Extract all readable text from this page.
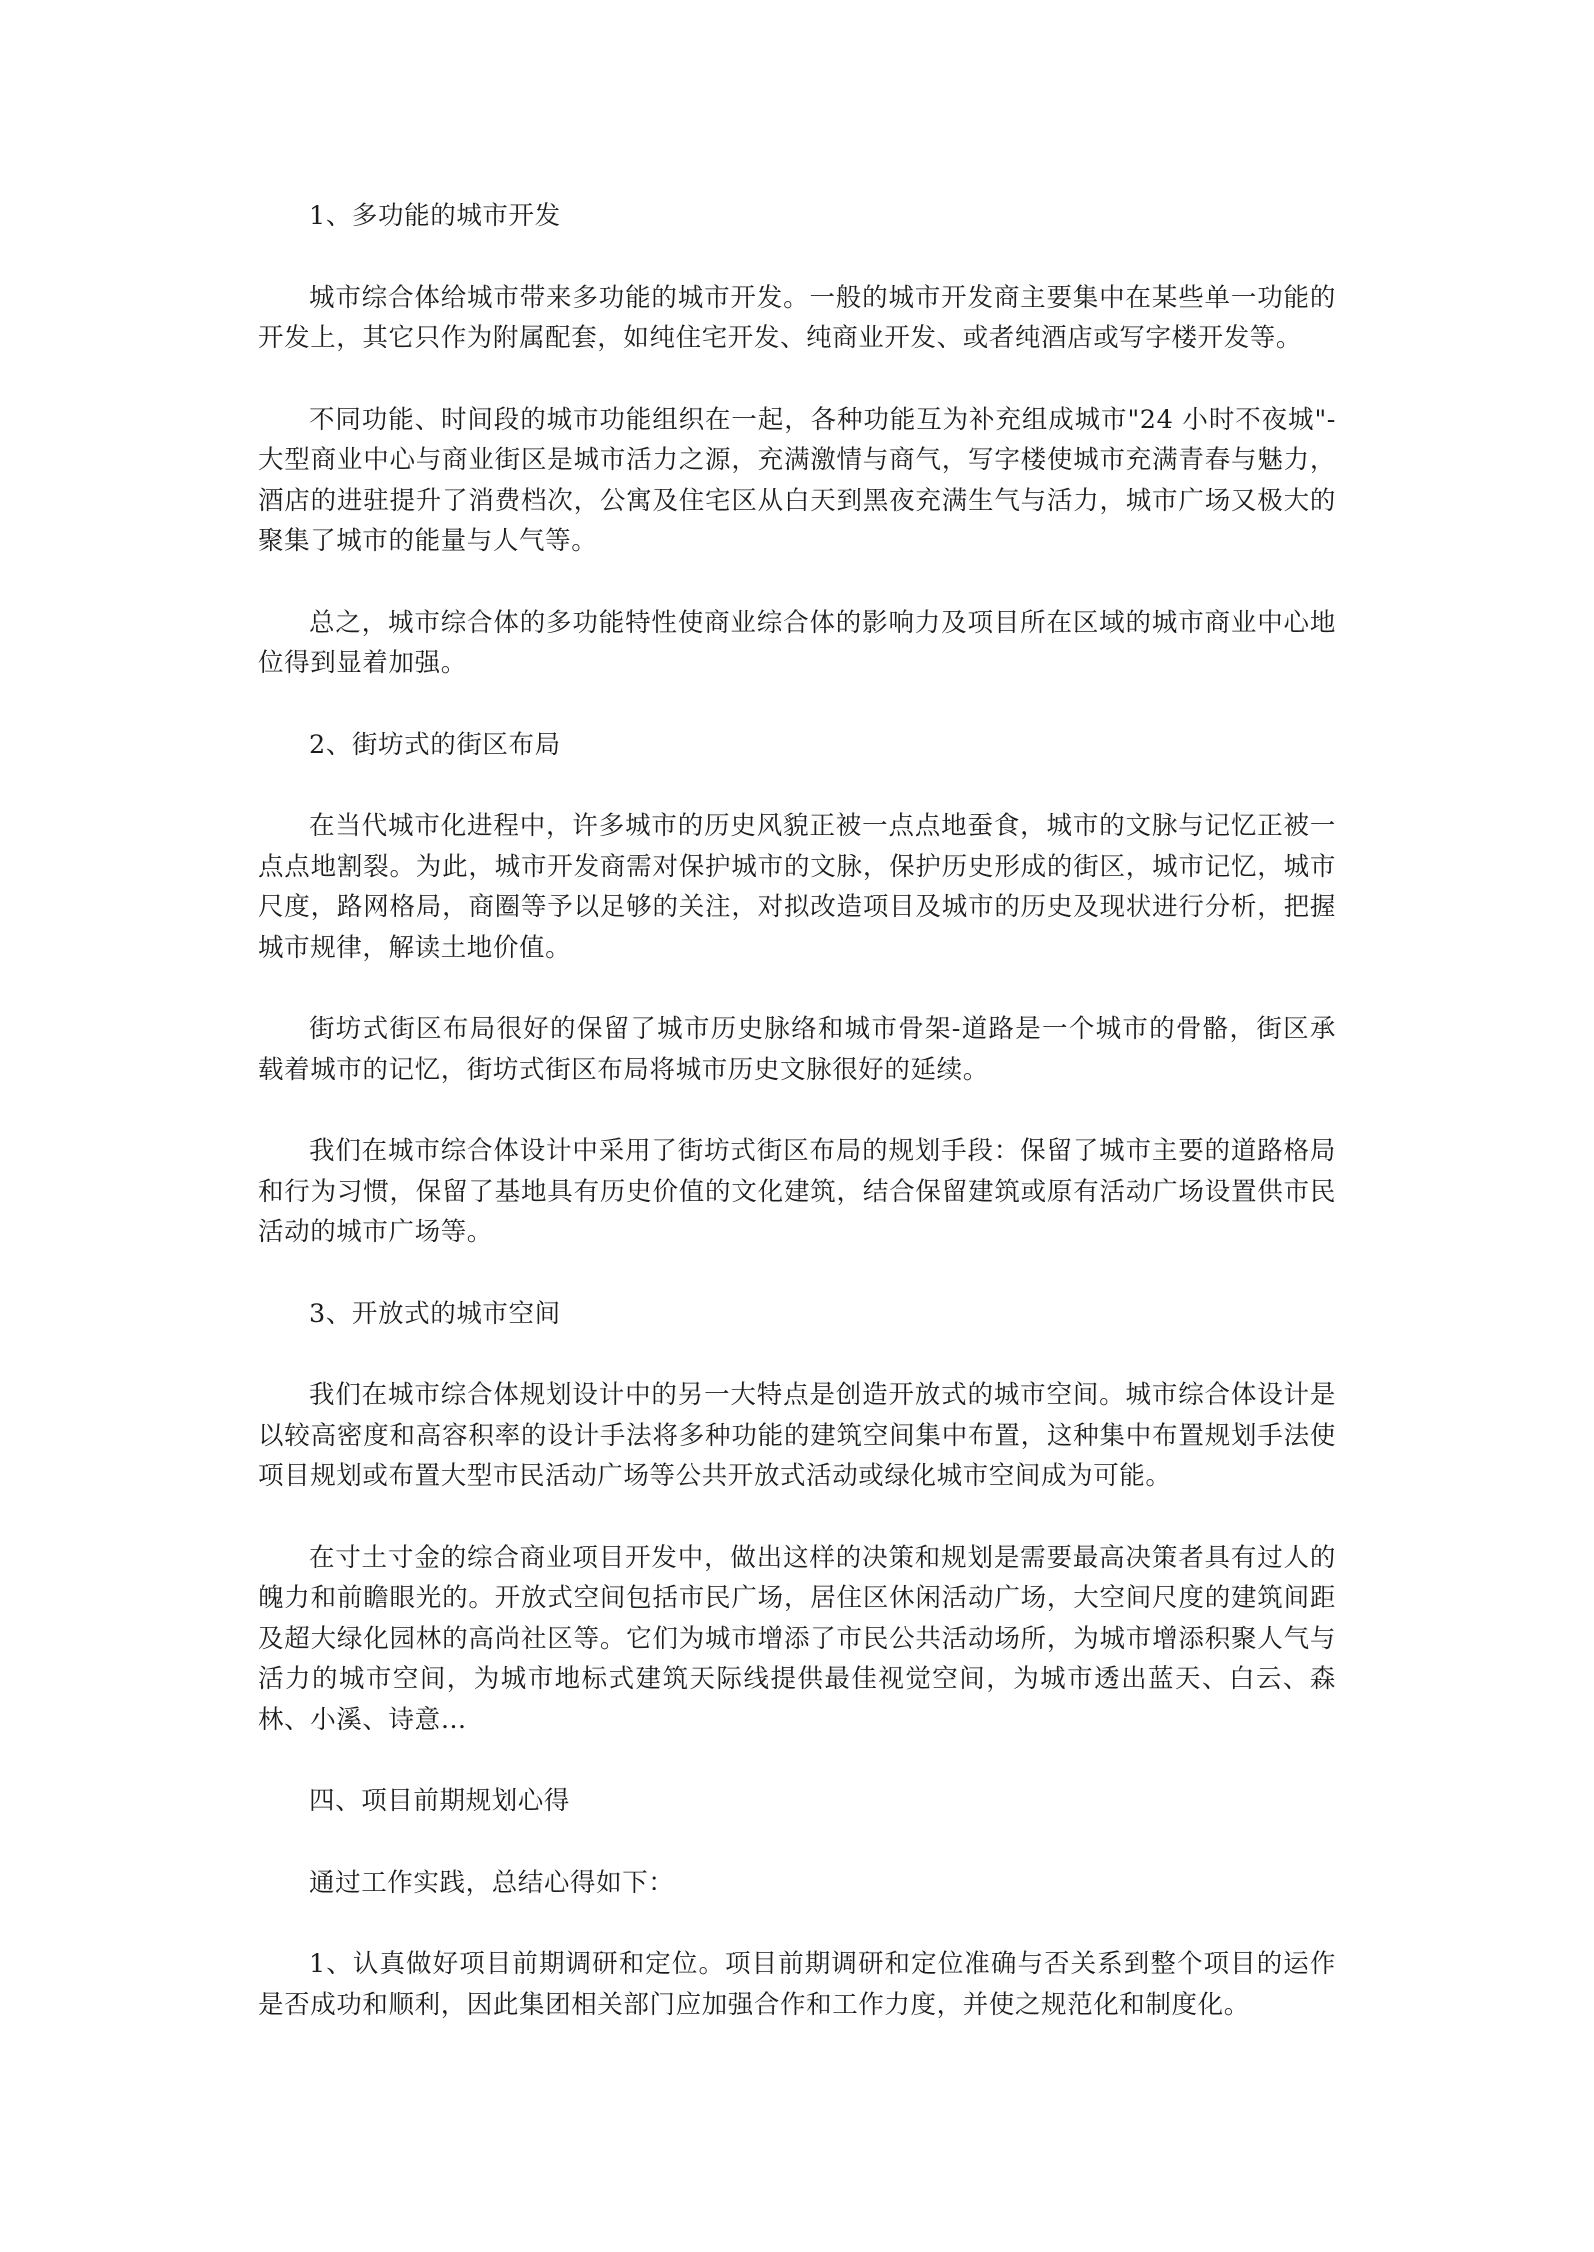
1、多功能的城市开发

城市综合体给城市带来多功能的城市开发。一般的城市开发商主要集中在某些单一功能的开发上，其它只作为附属配套，如纯住宅开发、纯商业开发、或者纯酒店或写字楼开发等。

不同功能、时间段的城市功能组织在一起，各种功能互为补充组成城市"24 小时不夜城"-大型商业中心与商业街区是城市活力之源，充满激情与商气，写字楼使城市充满青春与魅力，酒店的进驻提升了消费档次，公寓及住宅区从白天到黑夜充满生气与活力，城市广场又极大的聚集了城市的能量与人气等。

总之，城市综合体的多功能特性使商业综合体的影响力及项目所在区域的城市商业中心地位得到显着加强。

2、街坊式的街区布局

在当代城市化进程中，许多城市的历史风貌正被一点点地蚕食，城市的文脉与记忆正被一点点地割裂。为此，城市开发商需对保护城市的文脉，保护历史形成的街区，城市记忆，城市尺度，路网格局，商圈等予以足够的关注，对拟改造项目及城市的历史及现状进行分析，把握城市规律，解读土地价值。

街坊式街区布局很好的保留了城市历史脉络和城市骨架-道路是一个城市的骨骼，街区承载着城市的记忆，街坊式街区布局将城市历史文脉很好的延续。

我们在城市综合体设计中采用了街坊式街区布局的规划手段：保留了城市主要的道路格局和行为习惯，保留了基地具有历史价值的文化建筑，结合保留建筑或原有活动广场设置供市民活动的城市广场等。

3、开放式的城市空间

我们在城市综合体规划设计中的另一大特点是创造开放式的城市空间。城市综合体设计是以较高密度和高容积率的设计手法将多种功能的建筑空间集中布置，这种集中布置规划手法使项目规划或布置大型市民活动广场等公共开放式活动或绿化城市空间成为可能。

在寸土寸金的综合商业项目开发中，做出这样的决策和规划是需要最高决策者具有过人的魄力和前瞻眼光的。开放式空间包括市民广场，居住区休闲活动广场，大空间尺度的建筑间距及超大绿化园林的高尚社区等。它们为城市增添了市民公共活动场所，为城市增添积聚人气与活力的城市空间，为城市地标式建筑天际线提供最佳视觉空间，为城市透出蓝天、白云、森林、小溪、诗意…

四、项目前期规划心得

通过工作实践，总结心得如下：

1、认真做好项目前期调研和定位。项目前期调研和定位准确与否关系到整个项目的运作是否成功和顺利，因此集团相关部门应加强合作和工作力度，并使之规范化和制度化。
